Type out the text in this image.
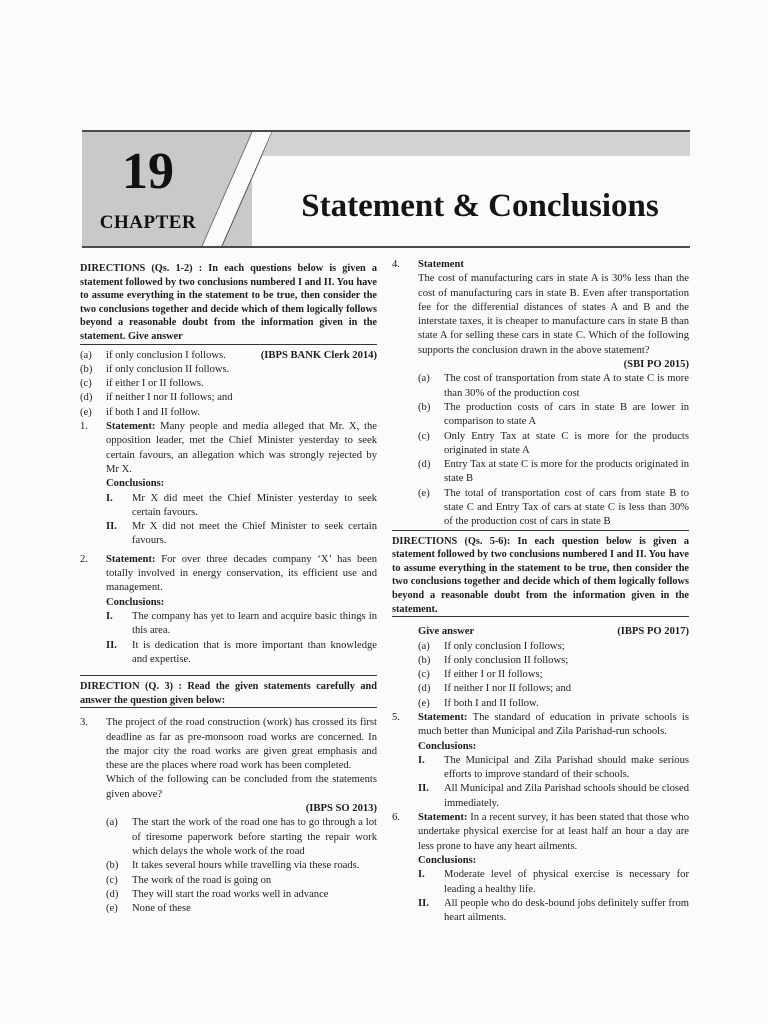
19
CHAPTER	Statement & Conclusions
DIRECTIONS (Qs. 1-2) : In each questions below is given a statement followed by two conclusions numbered I and II. You have to assume everything in the statement to be true, then consider the two conclusions together and decide which of them logically follows beyond a reasonable doubt from the information given in the statement. Give answer
(a)	if only conclusion I follows.	(IBPS BANK Clerk 2014)
(b)	if only conclusion II follows.
(c)	if either I or II follows.
(d)	if neither I nor II follows; and
(e)	if both I and II follow.
1.	Statement: Many people and media alleged that Mr. X, the opposition leader, met the Chief Minister yesterday to seek certain favours, an allegation which was strongly rejected by Mr X.
Conclusions:
I.	Mr X did meet the Chief Minister yesterday to seek certain favours.
II.	Mr X did not meet the Chief Minister to seek certain favours.
2.	Statement: For over three decades company ‘X’ has been totally involved in energy conservation, its efficient use and management.
Conclusions:
I.	The company has yet to learn and acquire basic things in this area.
II.	It is dedication that is more important than knowledge and expertise.
DIRECTION (Q. 3) : Read the given statements carefully and answer the question given below:
3.	The project of the road construction (work) has crossed its first deadline as far as pre-monsoon road works are concerned. In the major city the road works are given great emphasis and these are the places where road work has been completed.
Which of the following can be concluded from the statements given above?
(IBPS SO 2013)
(a)	The start the work of the road one has to go through a lot of tiresome paperwork before starting the repair work which delays the whole work of the road
(b)	It takes several hours while travelling via these roads.
(c)	The work of the road is going on
(d)	They will start the road works well in advance
(e)	None of these
4.	Statement
The cost of manufacturing cars in state A is 30% less than the cost of manufacturing cars in state B. Even after transportation fee for the differential distances of states A and B and the interstate taxes, it is cheaper to manufacture cars in state B than state A for selling these cars in state C. Which of the following supports the conclusion drawn in the above statement?
(SBI PO 2015)
(a)	The cost of transportation from state A to state C is more than 30% of the production cost
(b)	The production costs of cars in state B are lower in comparison to state A
(c)	Only Entry Tax at state C is more for the products originated in state A
(d)	Entry Tax at state C is more for the products originated in state B
(e)	The total of transportation cost of cars from state B to state C and Entry Tax of cars at state C is less than 30% of the production cost of cars in state B
DIRECTIONS (Qs. 5-6): In each question below is given a statement followed by two conclusions numbered I and II. You have to assume everything in the statement to be true, then consider the two conclusions together and decide which of them logically follows beyond a reasonable doubt from the information given in the statement.
Give answer	(IBPS PO 2017)
(a)	If only conclusion I follows;
(b)	If only conclusion II follows;
(c)	If either I or II follows;
(d)	If neither I nor II follows; and
(e)	If both I and II follow.
5.	Statement: The standard of education in private schools is much better than Municipal and Zila Parishad-run schools.
Conclusions:
I.	The Municipal and Zila Parishad should make serious efforts to improve standard of their schools.
II.	All Municipal and Zila Parishad schools should be closed immediately.
6.	Statement: In a recent survey, it has been stated that those who undertake physical exercise for at least half an hour a day are less prone to have any heart ailments.
Conclusions:
I.	Moderate level of physical exercise is necessary for leading a healthy life.
II.	All people who do desk-bound jobs definitely suffer from heart ailments.
